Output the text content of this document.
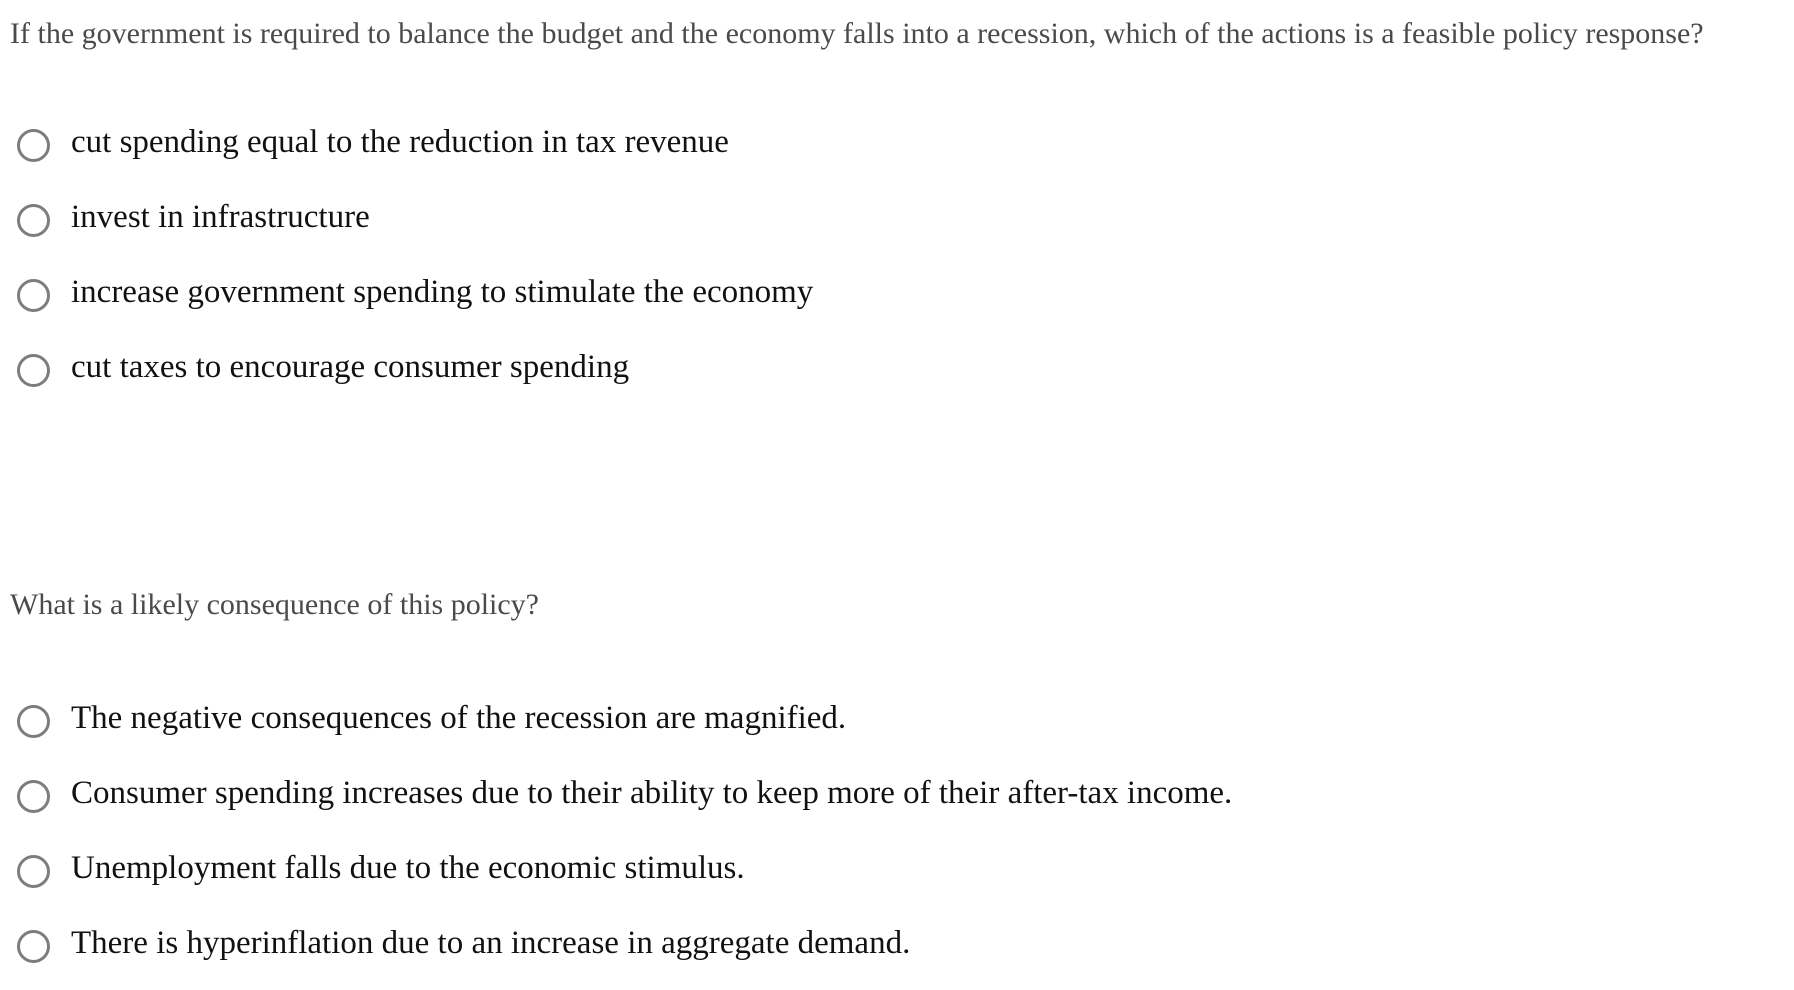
If the government is required to balance the budget and the economy falls into a recession, which of the actions is a feasible policy response?

cut spending equal to the reduction in tax revenue
invest in infrastructure
increase government spending to stimulate the economy
cut taxes to encourage consumer spending

What is a likely consequence of this policy?

The negative consequences of the recession are magnified.
Consumer spending increases due to their ability to keep more of their after-tax income.
Unemployment falls due to the economic stimulus.
There is hyperinflation due to an increase in aggregate demand.
